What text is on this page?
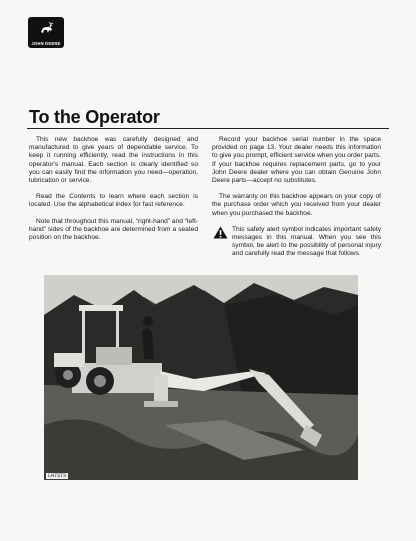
JOHN DEERE
To the Operator

This new backhoe was carefully designed and manufactured to give years of dependable service. To keep it running efficiently, read the instructions in this operator's manual. Each section is clearly identified so you can easily find the information you need—operation, lubrication or service.

Read the Contents to learn where each section is located. Use the alphabetical index for fast reference.

Note that throughout this manual, “right-hand” and “left-hand” sides of the backhoe are determined from a seated position on the backhoe.

Record your backhoe serial number in the space provided on page 13. Your dealer needs this information to give you prompt, efficient service when you order parts. If your backhoe requires replacement parts, go to your John Deere dealer where you can obtain Genuine John Deere parts—accept no substitutes.

The warranty on this backhoe appears on your copy of the purchase order which you received from your dealer when you purchased the backhoe.

This safety alert symbol indicates important safety messages in this manual. When you see this symbol, be alert to the possibility of personal injury and carefully read the message that follows.

LH7373
